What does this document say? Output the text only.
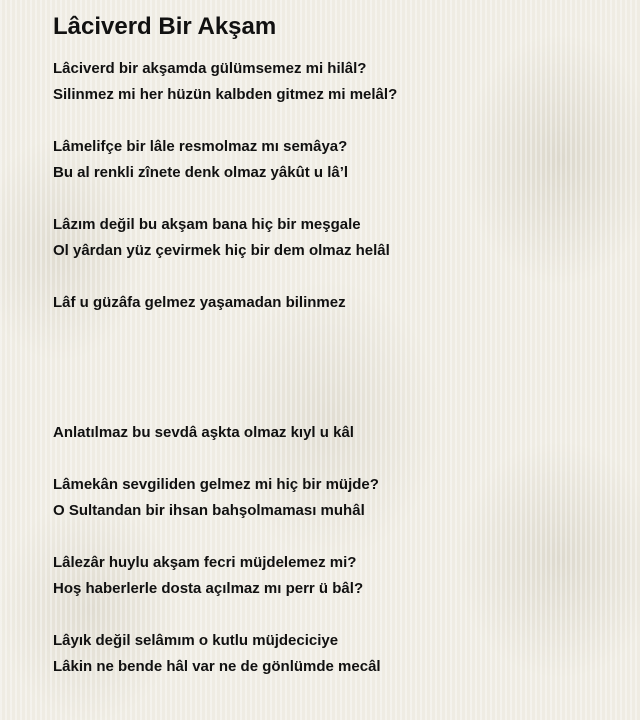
Lâciverd Bir Akşam
Lâciverd bir akşamda gülümsemez mi hilâl?
Silinmez mi her hüzün kalbden gitmez mi melâl?
Lâmelifçe bir lâle resmolmaz mı semâya?
Bu al renkli zînete denk olmaz yâkût u lâ’l
Lâzım değil bu akşam bana hiç bir meşgale
Ol yârdan yüz çevirmek hiç bir dem olmaz helâl
Lâf u güzâfa gelmez yaşamadan bilinmez
Anlatılmaz bu sevdâ aşkta olmaz kıyl u kâl
Lâmekân sevgiliden gelmez mi hiç bir müjde?
O Sultandan bir ihsan bahşolmaması muhâl
Lâlezâr huylu akşam fecri müjdelemez mi?
Hoş haberlerle dosta açılmaz mı perr ü bâl?
Lâyık değil selâmım o kutlu müjdeciciye
Lâkin ne bende hâl var ne de gönlümde mecâl
